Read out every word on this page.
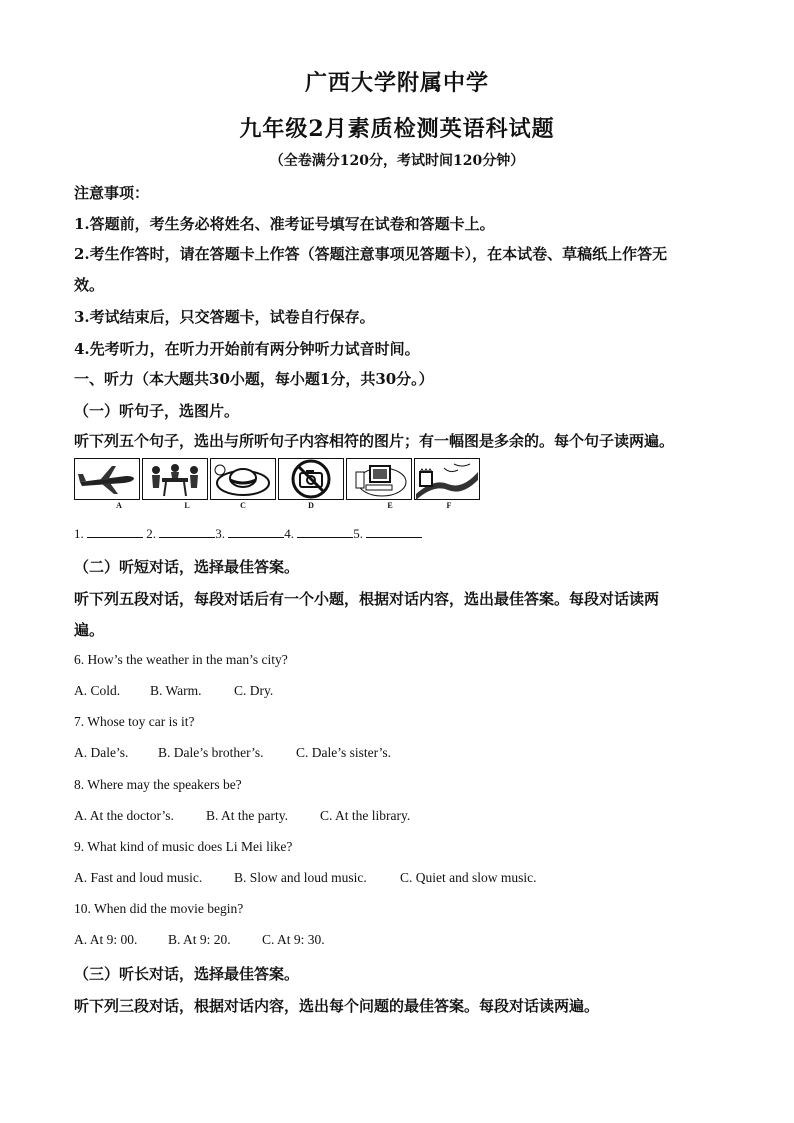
广西大学附属中学
九年级2月素质检测英语科试题
（全卷满分120分，考试时间120分钟）
注意事项：
1.答题前，考生务必将姓名、准考证号填写在试卷和答题卡上。
2.考生作答时，请在答题卡上作答（答题注意事项见答题卡），在本试卷、草稿纸上作答无
效。
3.考试结束后，只交答题卡，试卷自行保存。
4.先考听力，在听力开始前有两分钟听力试音时间。
一、听力（本大题共30小题，每小题1分，共30分。）
（一）听句子，选图片。
听下列五个句子，选出与所听句子内容相符的图片；有一幅图是多余的。每个句子读两遍。
A	L	C	D	E	F
1.	2.	3.	4.	5.
（二）听短对话，选择最佳答案。
听下列五段对话，每段对话后有一个小题，根据对话内容，选出最佳答案。每段对话读两
遍。
6. How’s the weather in the man’s city?
A. Cold. B. Warm. C. Dry.
7. Whose toy car is it?
A. Dale’s. B. Dale’s brother’s. C. Dale’s sister’s.
8. Where may the speakers be?
A. At the doctor’s. B. At the party. C. At the library.
9. What kind of music does Li Mei like?
A. Fast and loud music. B. Slow and loud music. C. Quiet and slow music.
10. When did the movie begin?
A. At 9: 00. B. At 9: 20. C. At 9: 30.
（三）听长对话，选择最佳答案。
听下列三段对话，根据对话内容，选出每个问题的最佳答案。每段对话读两遍。
